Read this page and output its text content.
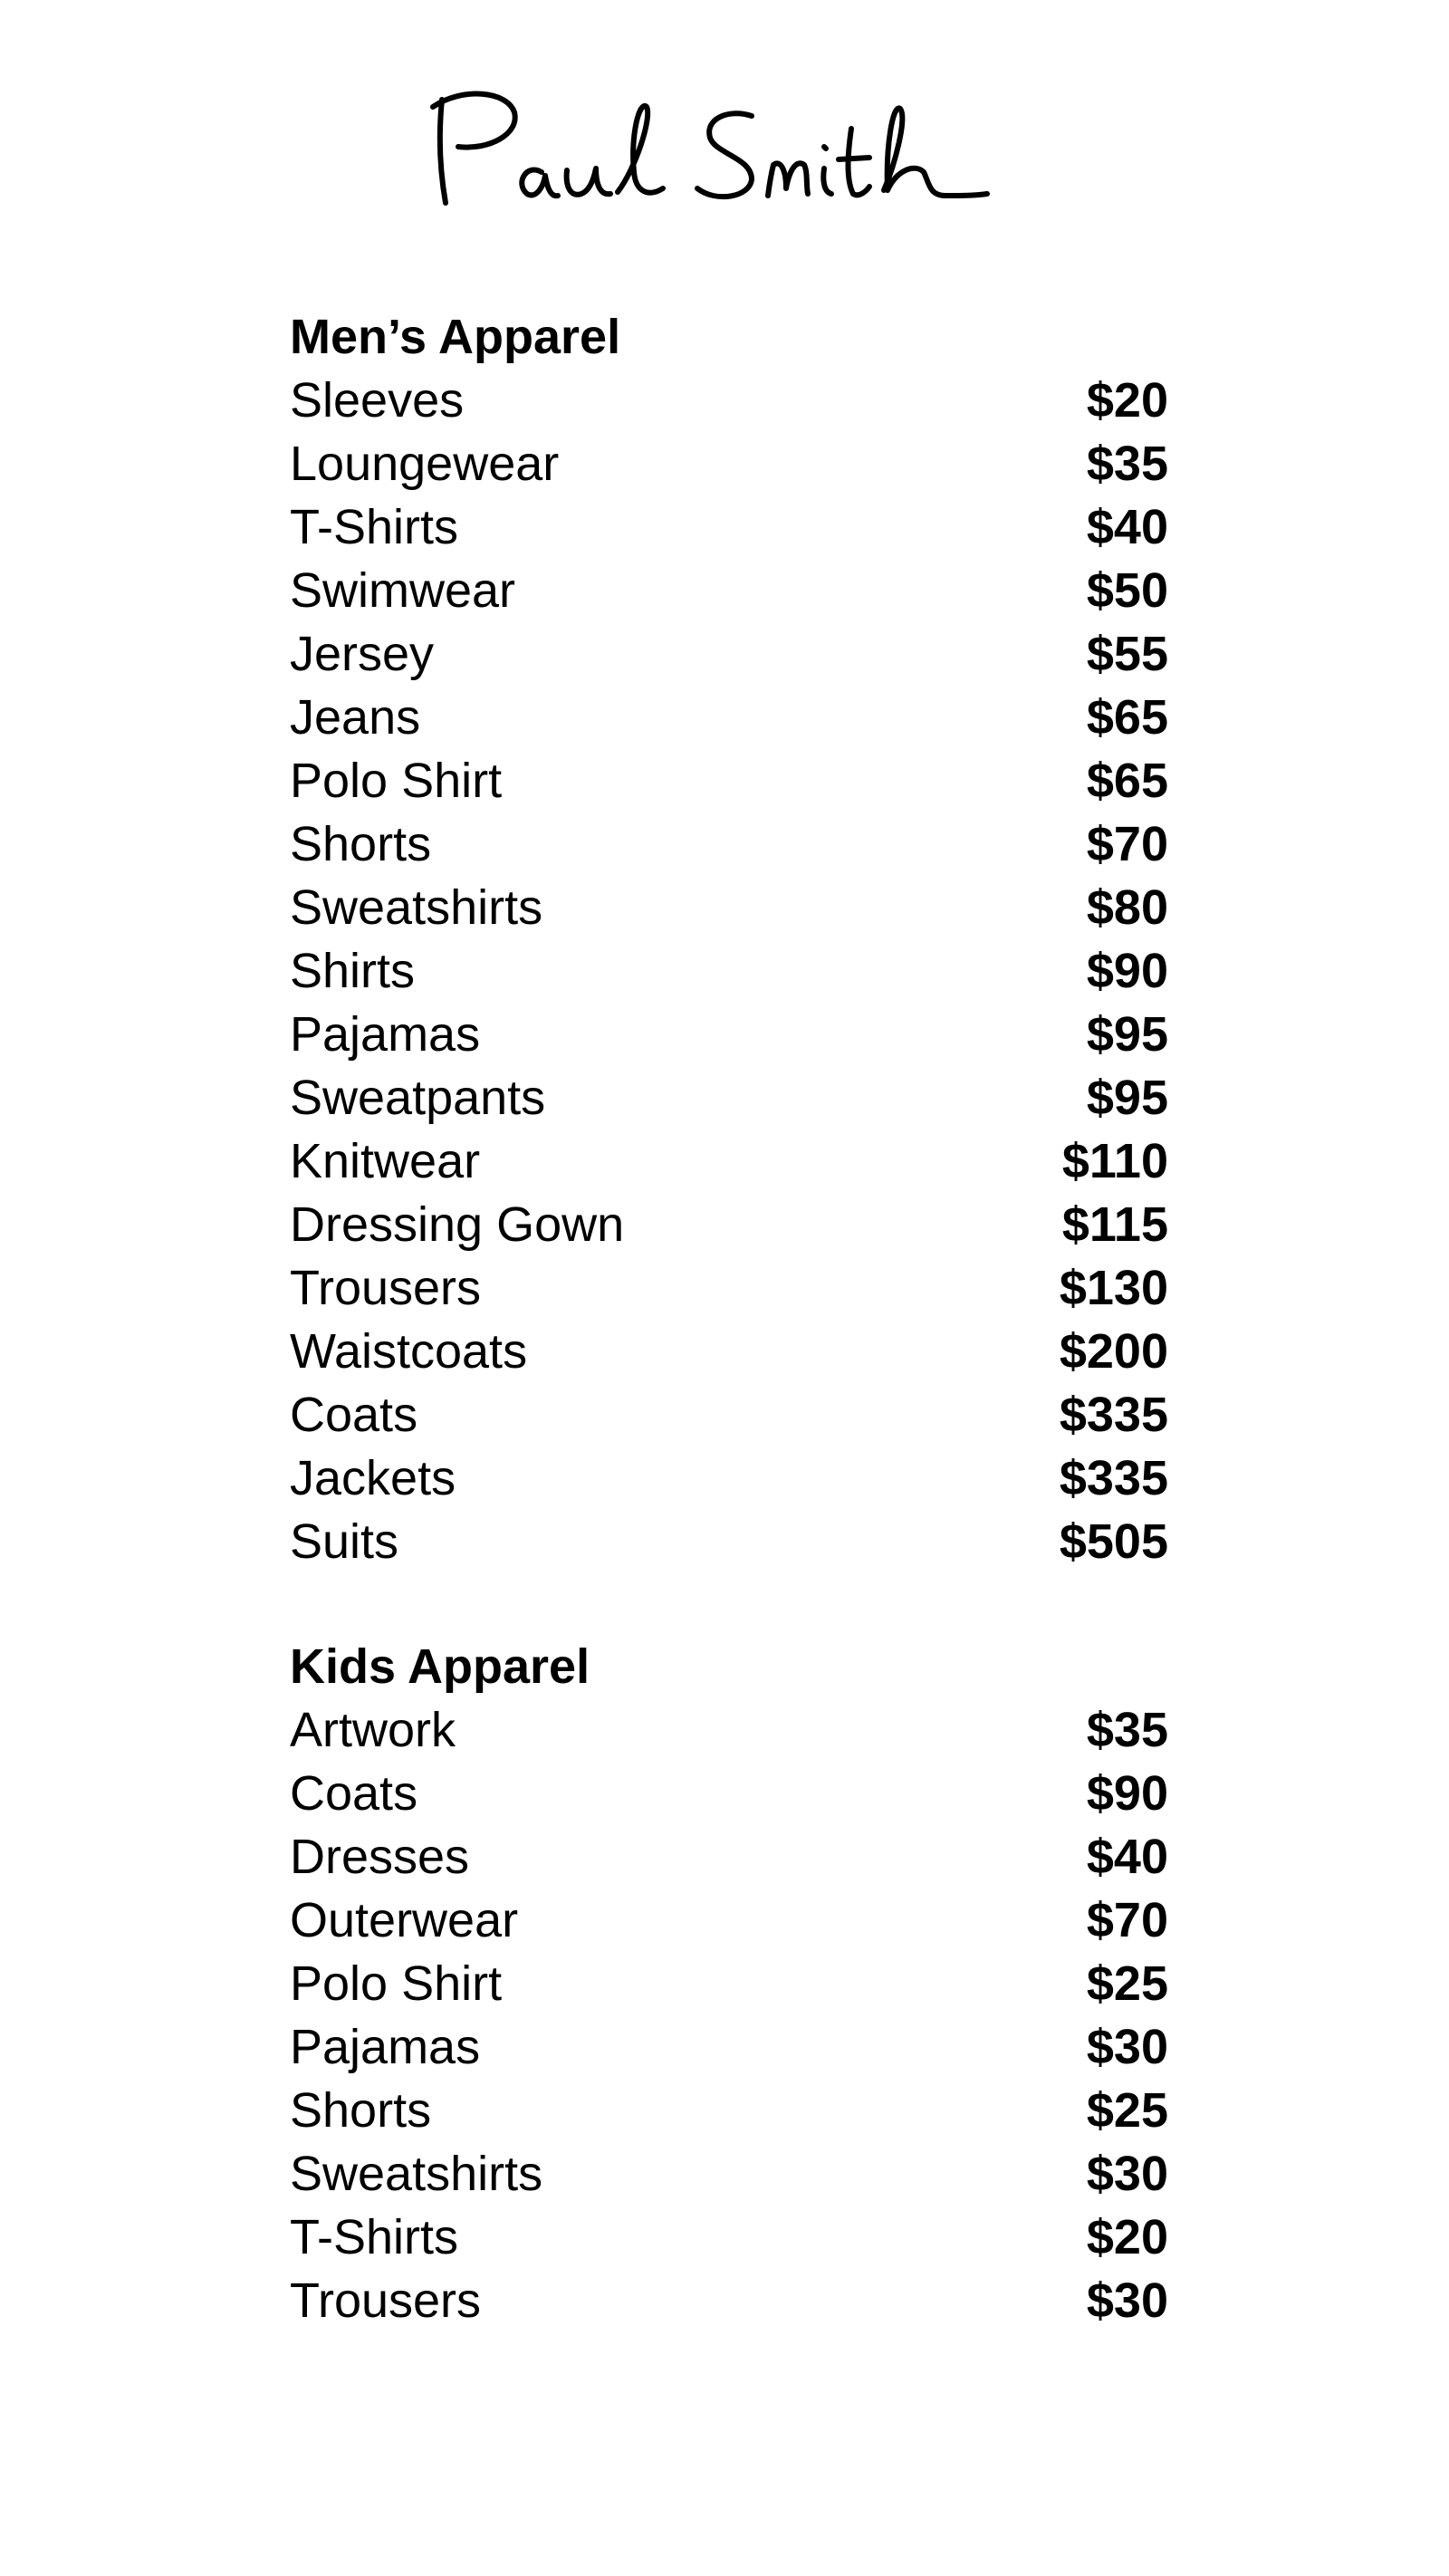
Men’s Apparel
Sleeves	$20
Loungewear	$35
T-Shirts	$40
Swimwear	$50
Jersey	$55
Jeans	$65
Polo Shirt	$65
Shorts	$70
Sweatshirts	$80
Shirts	$90
Pajamas	$95
Sweatpants	$95
Knitwear	$110
Dressing Gown	$115
Trousers	$130
Waistcoats	$200
Coats	$335
Jackets	$335
Suits	$505
Kids Apparel
Artwork	$35
Coats	$90
Dresses	$40
Outerwear	$70
Polo Shirt	$25
Pajamas	$30
Shorts	$25
Sweatshirts	$30
T-Shirts	$20
Trousers	$30
